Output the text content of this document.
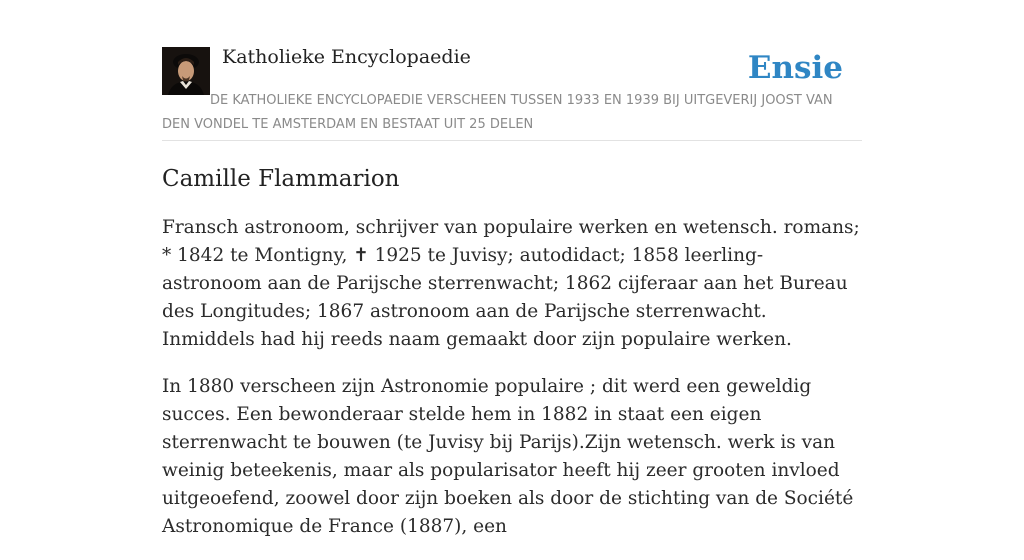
Katholieke Encyclopaedie	Ensie
DE KATHOLIEKE ENCYCLOPAEDIE VERSCHEEN TUSSEN 1933 EN 1939 BIJ UITGEVERIJ JOOST VAN DEN VONDEL TE AMSTERDAM EN BESTAAT UIT 25 DELEN
Camille Flammarion

Fransch astronoom, schrijver van populaire werken en wetensch. romans; * 1842 te Montigny, ✝ 1925 te Juvisy; autodidact; 1858 leerling-astronoom aan de Parijsche sterrenwacht; 1862 cijferaar aan het Bureau des Longitudes; 1867 astronoom aan de Parijsche sterrenwacht. Inmiddels had hij reeds naam gemaakt door zijn populaire werken.

In 1880 verscheen zijn Astronomie populaire ; dit werd een geweldig succes. Een bewonderaar stelde hem in 1882 in staat een eigen sterrenwacht te bouwen (te Juvisy bij Parijs).Zijn wetensch. werk is van weinig beteekenis, maar als popularisator heeft hij zeer grooten invloed uitgeoefend, zoowel door zijn boeken als door de stichting van de Société Astronomique de France (1887), een
